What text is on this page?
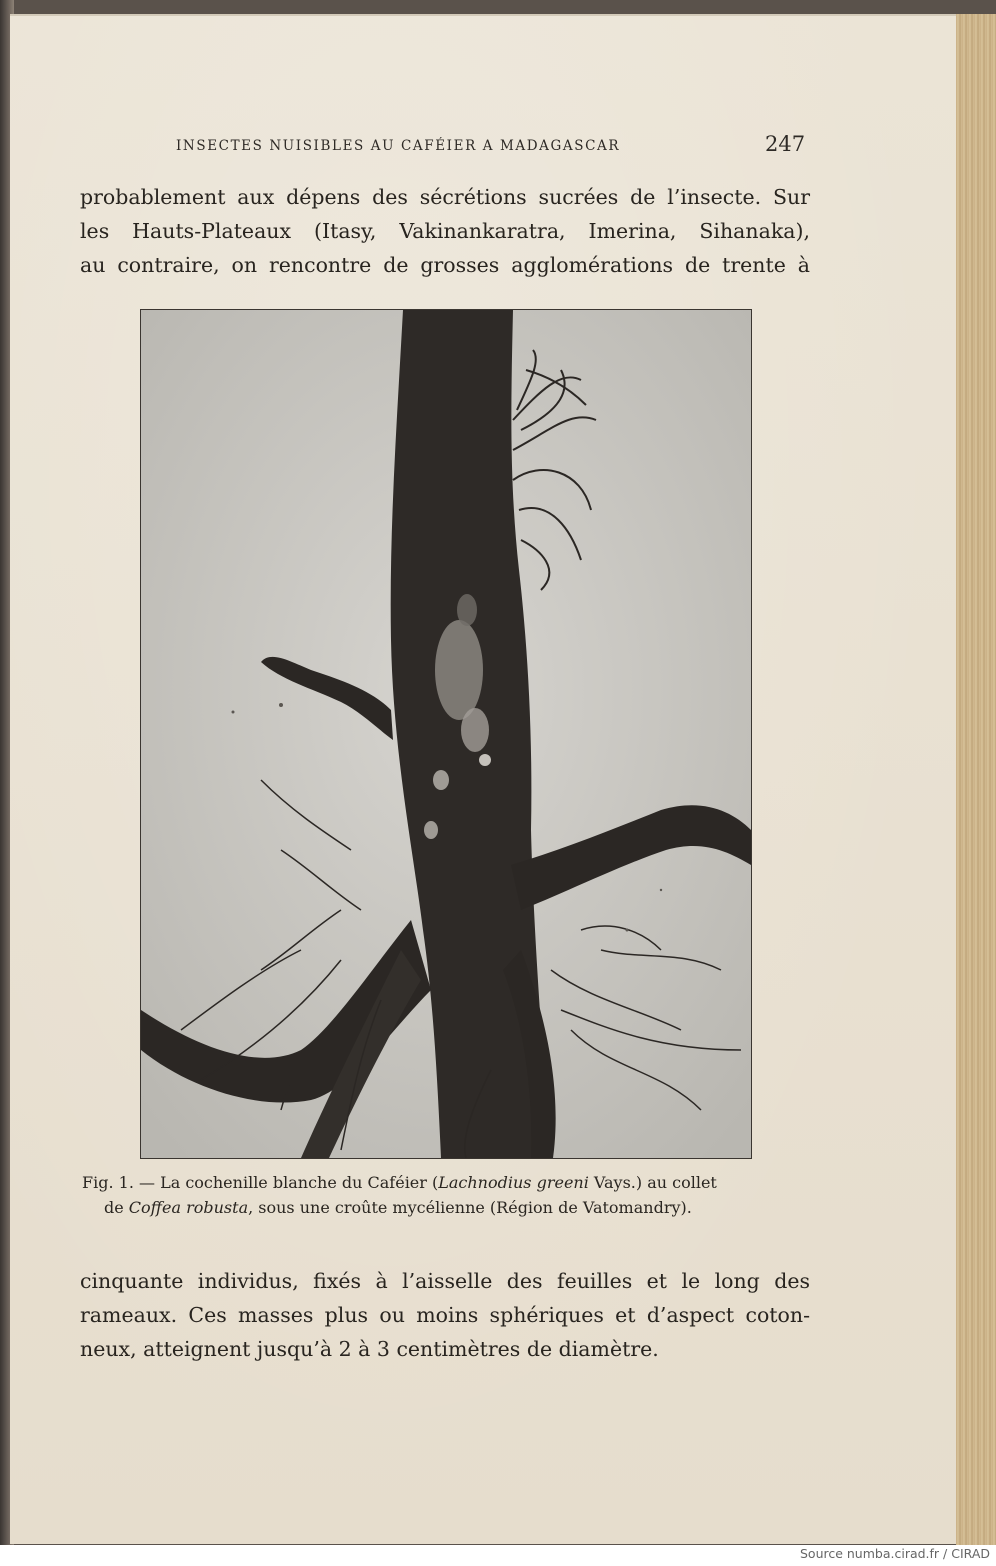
INSECTES NUISIBLES AU CAFÉIER A MADAGASCAR	247
probablement aux dépens des sécrétions sucrées de l’insecte. Sur
les Hauts-Plateaux (Itasy, Vakinankaratra, Imerina, Sihanaka),
au contraire, on rencontre de grosses agglomérations de trente à
Fig. 1. — La cochenille blanche du Caféier (Lachnodius greeni Vays.) au collet
de Coffea robusta, sous une croûte mycélienne (Région de Vatomandry).
cinquante individus, fixés à l’aisselle des feuilles et le long des
rameaux. Ces masses plus ou moins sphériques et d’aspect coton-
neux, atteignent jusqu’à 2 à 3 centimètres de diamètre.
Source numba.cirad.fr / CIRAD
